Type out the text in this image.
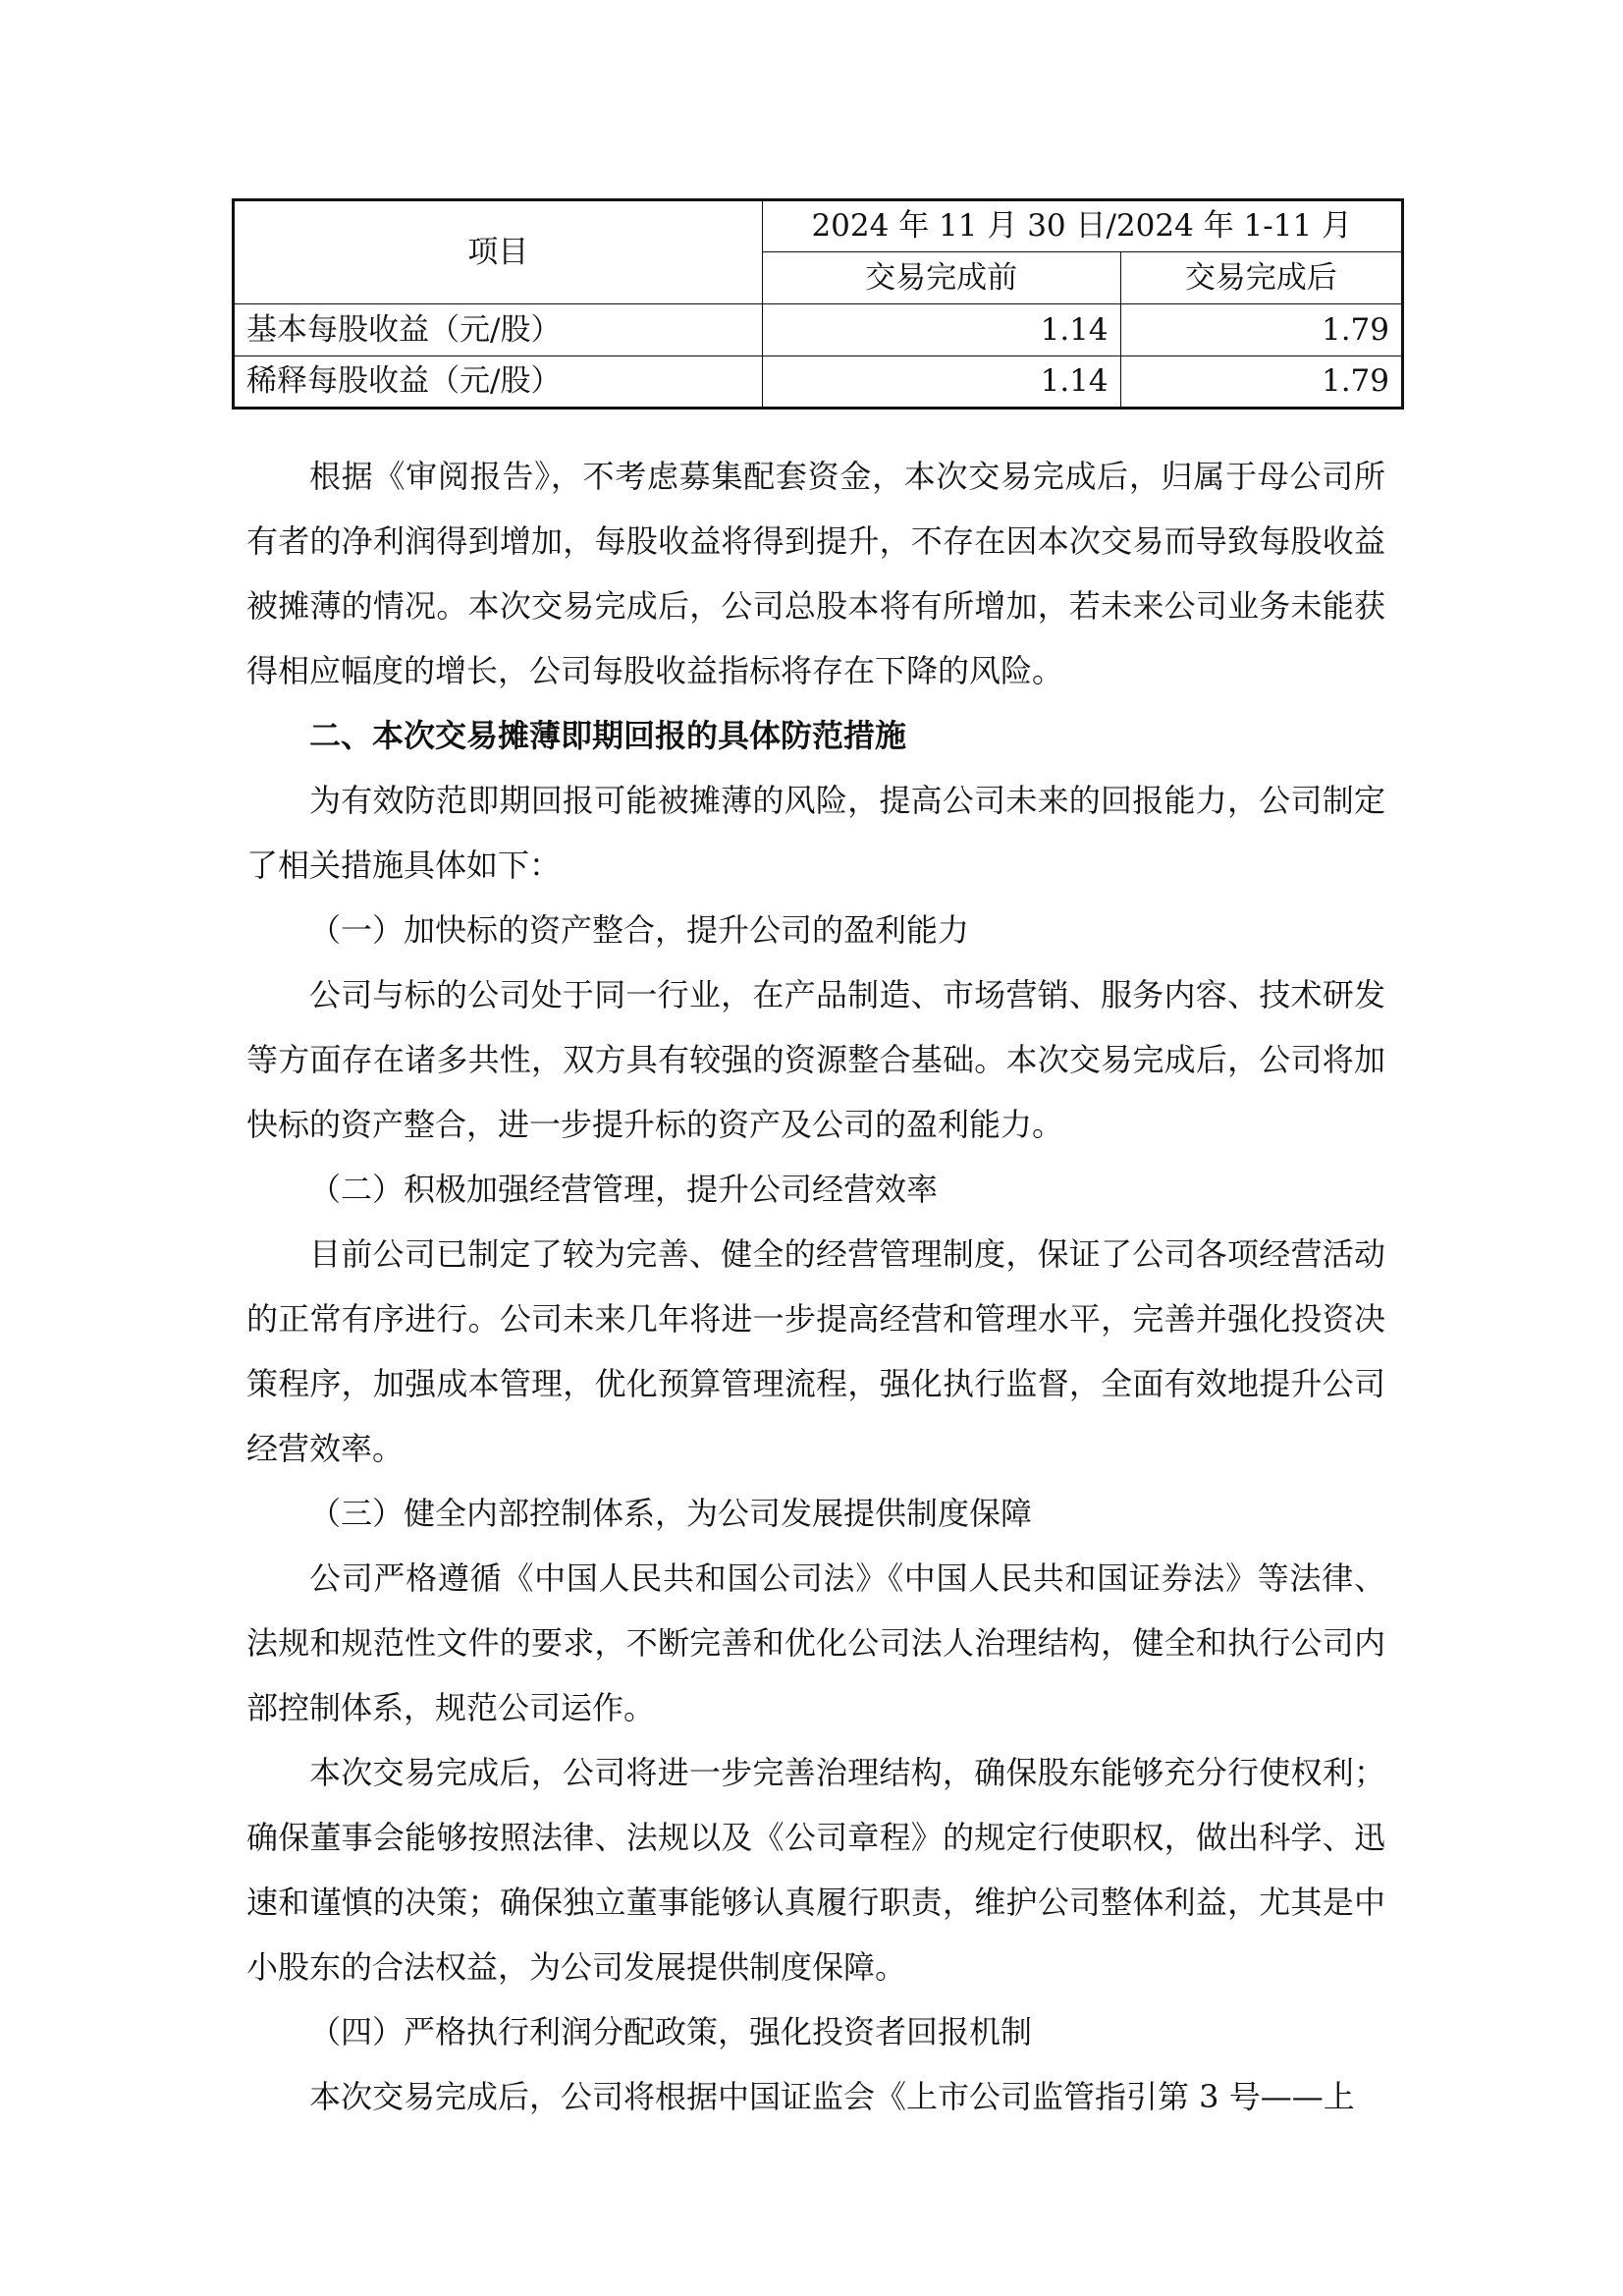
项目	2024 年 11 月 30 日/2024 年 1-11 月	
	交易完成前	交易完成后
基本每股收益（元/股）	1.14	1.79
稀释每股收益（元/股）	1.14	1.79

根据《审阅报告》，不考虑募集配套资金，本次交易完成后，归属于母公司所有者的净利润得到增加，每股收益将得到提升，不存在因本次交易而导致每股收益被摊薄的情况。本次交易完成后，公司总股本将有所增加，若未来公司业务未能获得相应幅度的增长，公司每股收益指标将存在下降的风险。

二、本次交易摊薄即期回报的具体防范措施

为有效防范即期回报可能被摊薄的风险，提高公司未来的回报能力，公司制定了相关措施具体如下：

（一）加快标的资产整合，提升公司的盈利能力

公司与标的公司处于同一行业，在产品制造、市场营销、服务内容、技术研发等方面存在诸多共性，双方具有较强的资源整合基础。本次交易完成后，公司将加快标的资产整合，进一步提升标的资产及公司的盈利能力。

（二）积极加强经营管理，提升公司经营效率

目前公司已制定了较为完善、健全的经营管理制度，保证了公司各项经营活动的正常有序进行。公司未来几年将进一步提高经营和管理水平，完善并强化投资决策程序，加强成本管理，优化预算管理流程，强化执行监督，全面有效地提升公司经营效率。

（三）健全内部控制体系，为公司发展提供制度保障

公司严格遵循《中国人民共和国公司法》《中国人民共和国证券法》等法律、法规和规范性文件的要求，不断完善和优化公司法人治理结构，健全和执行公司内部控制体系，规范公司运作。

本次交易完成后，公司将进一步完善治理结构，确保股东能够充分行使权利；确保董事会能够按照法律、法规以及《公司章程》的规定行使职权，做出科学、迅速和谨慎的决策；确保独立董事能够认真履行职责，维护公司整体利益，尤其是中小股东的合法权益，为公司发展提供制度保障。

（四）严格执行利润分配政策，强化投资者回报机制

本次交易完成后，公司将根据中国证监会《上市公司监管指引第 3 号——上
